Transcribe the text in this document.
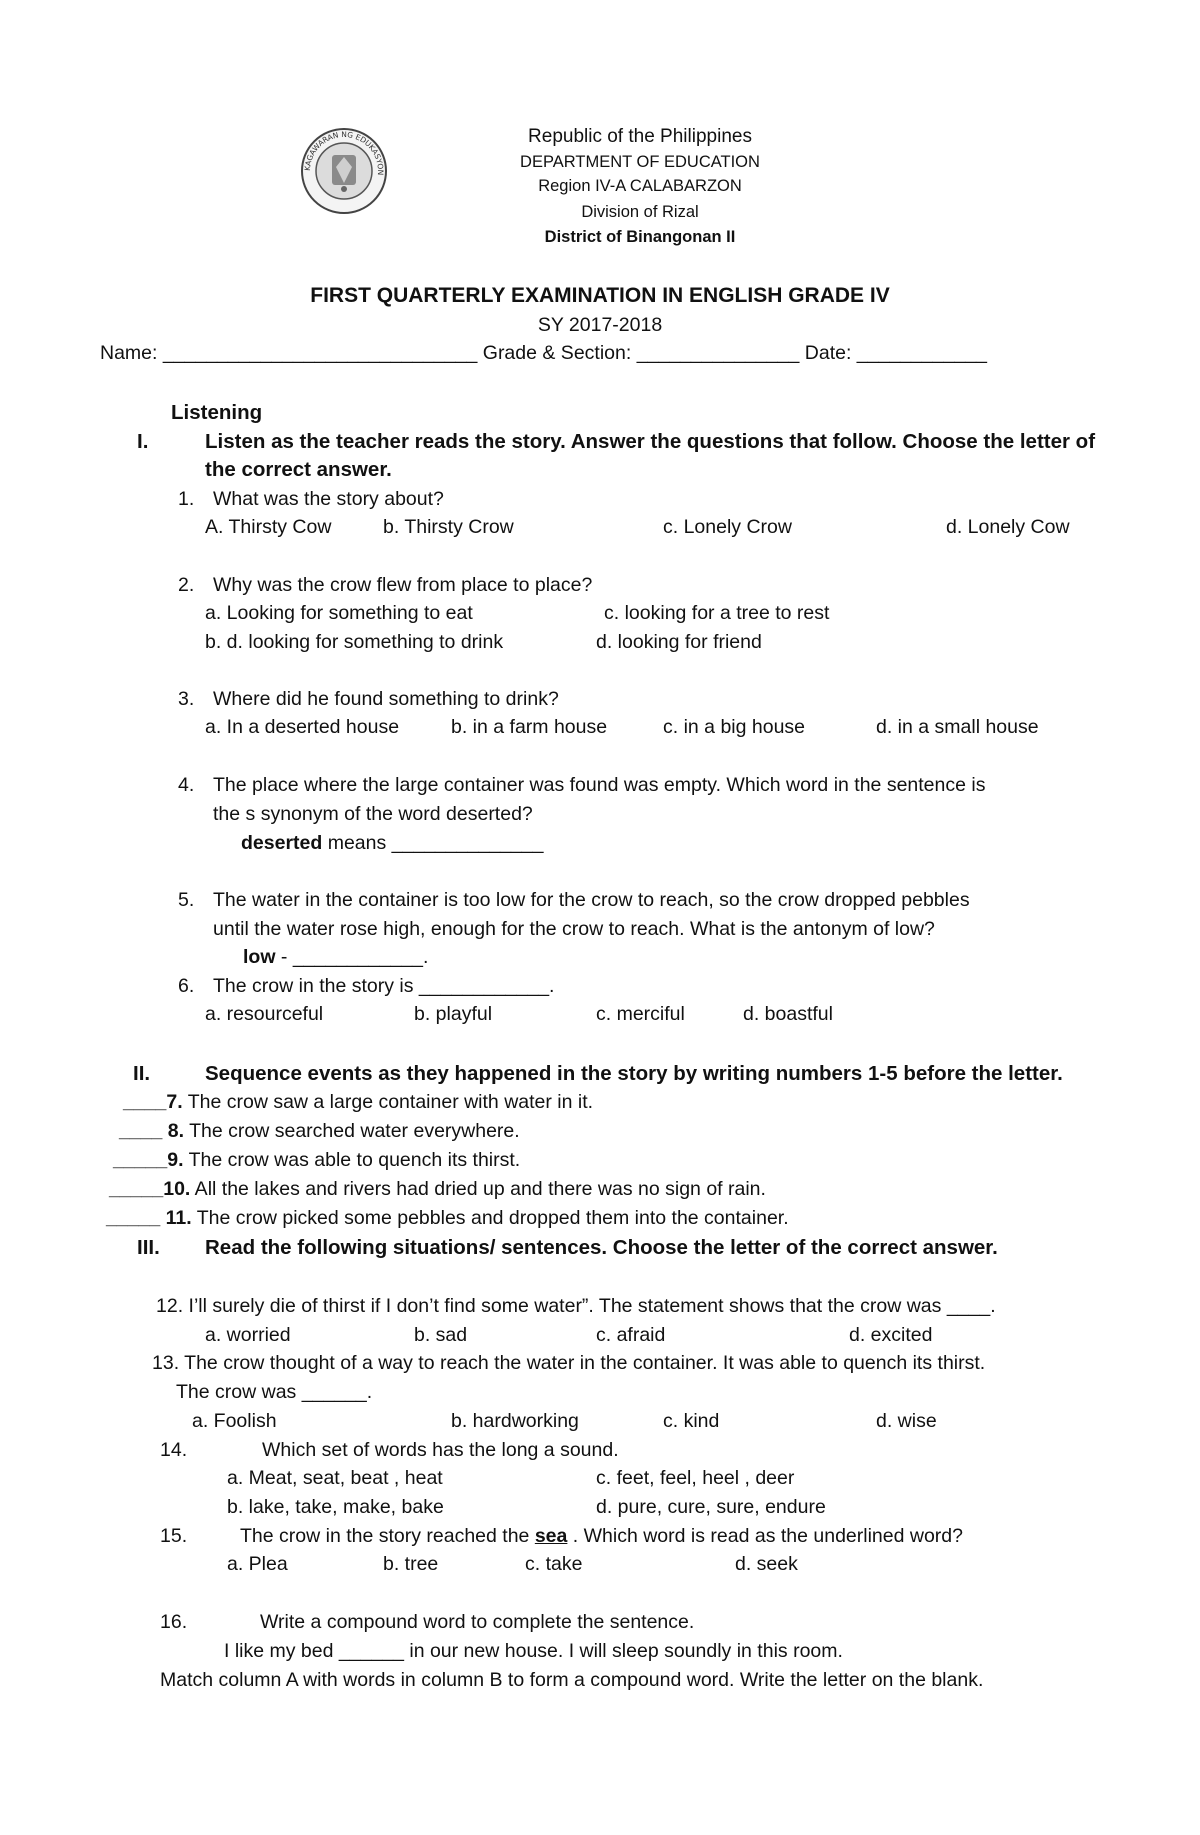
KAGAWARAN NG EDUKASYON
Republic of the Philippines
DEPARTMENT OF EDUCATION
Region IV-A CALABARZON
Division of Rizal
District of Binangonan II
FIRST QUARTERLY EXAMINATION IN ENGLISH GRADE IV
SY 2017-2018
Name: _____________________________ Grade & Section: _______________ Date: ____________
Listening
I.	Listen as the teacher reads the story. Answer the questions that follow. Choose the letter of
the correct answer.
1. What was the story about?
A. Thirsty Cow	b. Thirsty Crow	c. Lonely Crow	d. Lonely Cow
2. Why was the crow flew from place to place?
a. Looking for something to eat	c. looking for a tree to rest
b. d. looking for something to drink	d. looking for friend
3. Where did he found something to drink?
a. In a deserted house	b. in a farm house	c. in a big house	d. in a small house
4. The place where the large container was found was empty. Which word in the sentence is
the s synonym of the word deserted?
deserted means ______________
5. The water in the container is too low for the crow to reach, so the crow dropped pebbles
until the water rose high, enough for the crow to reach. What is the antonym of low?
low - ____________.
6. The crow in the story is ____________.
a. resourceful	b. playful	c. merciful	d. boastful
II.	Sequence events as they happened in the story by writing numbers 1-5 before the letter.
____7. The crow saw a large container with water in it.
____ 8. The crow searched water everywhere.
_____9. The crow was able to quench its thirst.
_____10. All the lakes and rivers had dried up and there was no sign of rain.
_____ 11. The crow picked some pebbles and dropped them into the container.
III. Read the following situations/ sentences. Choose the letter of the correct answer.
12. I’ll surely die of thirst if I don’t find some water”. The statement shows that the crow was ____.
a. worried	b. sad	c. afraid	d. excited
13. The crow thought of a way to reach the water in the container. It was able to quench its thirst.
The crow was ______.
a. Foolish	b. hardworking	c. kind	d. wise
14.	Which set of words has the long a sound.
a. Meat, seat, beat , heat	c. feet, feel, heel , deer
b. lake, take, make, bake	d. pure, cure, sure, endure
15.	The crow in the story reached the sea . Which word is read as the underlined word?
a. Plea	b. tree	c. take	d. seek
16.	Write a compound word to complete the sentence.
I like my bed ______ in our new house. I will sleep soundly in this room.
Match column A with words in column B to form a compound word. Write the letter on the blank.
